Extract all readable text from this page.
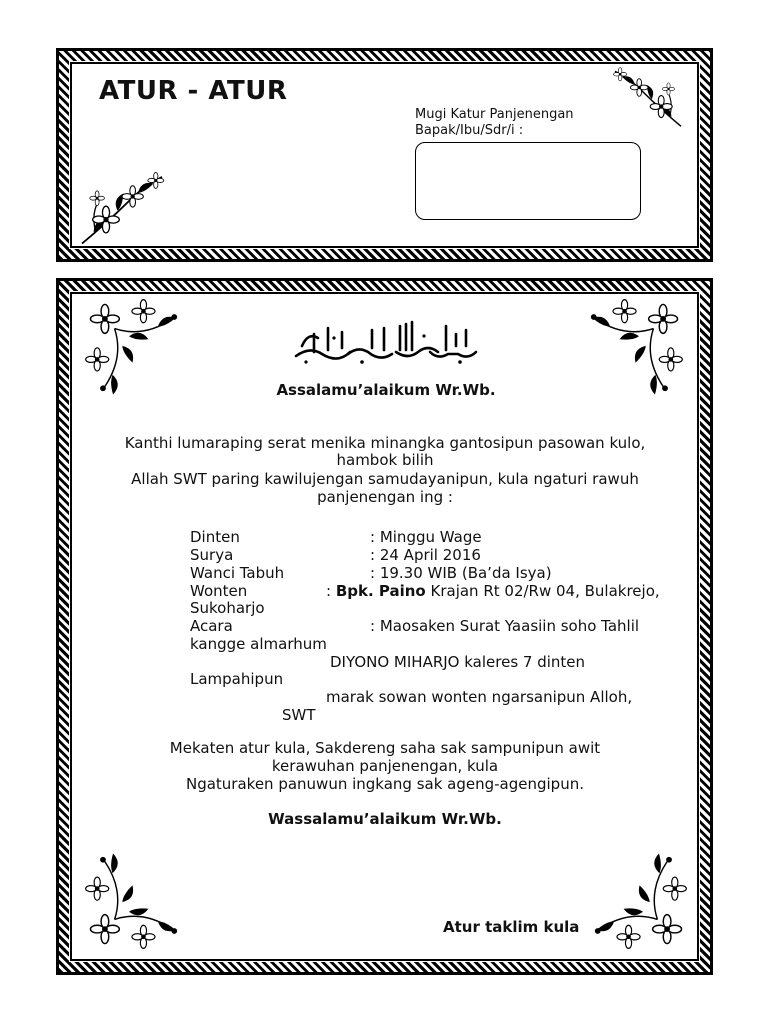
ATUR - ATUR
Mugi Katur Panjenengan
Bapak/Ibu/Sdr/i :
Assalamu’alaikum Wr.Wb.
Kanthi lumaraping serat menika minangka gantosipun pasowan kulo,
hambok bilih
Allah SWT paring kawilujengan samudayanipun, kula ngaturi rawuh
panjenengan ing :
Dinten	: Minggu Wage
Surya	: 24 April 2016
Wanci Tabuh	: 19.30 WIB (Ba’da Isya)
Wonten	: Bpk. Paino Krajan Rt 02/Rw 04, Bulakrejo,
Sukoharjo
Acara	: Maosaken Surat Yaasiin soho Tahlil
kangge almarhum
DIYONO MIHARJO kaleres 7 dinten
Lampahipun
marak sowan wonten ngarsanipun Alloh,
SWT
Mekaten atur kula, Sakdereng saha sak sampunipun awit
kerawuhan panjenengan, kula
Ngaturaken panuwun ingkang sak ageng-agengipun.
Wassalamu’alaikum Wr.Wb.
Atur taklim kula
